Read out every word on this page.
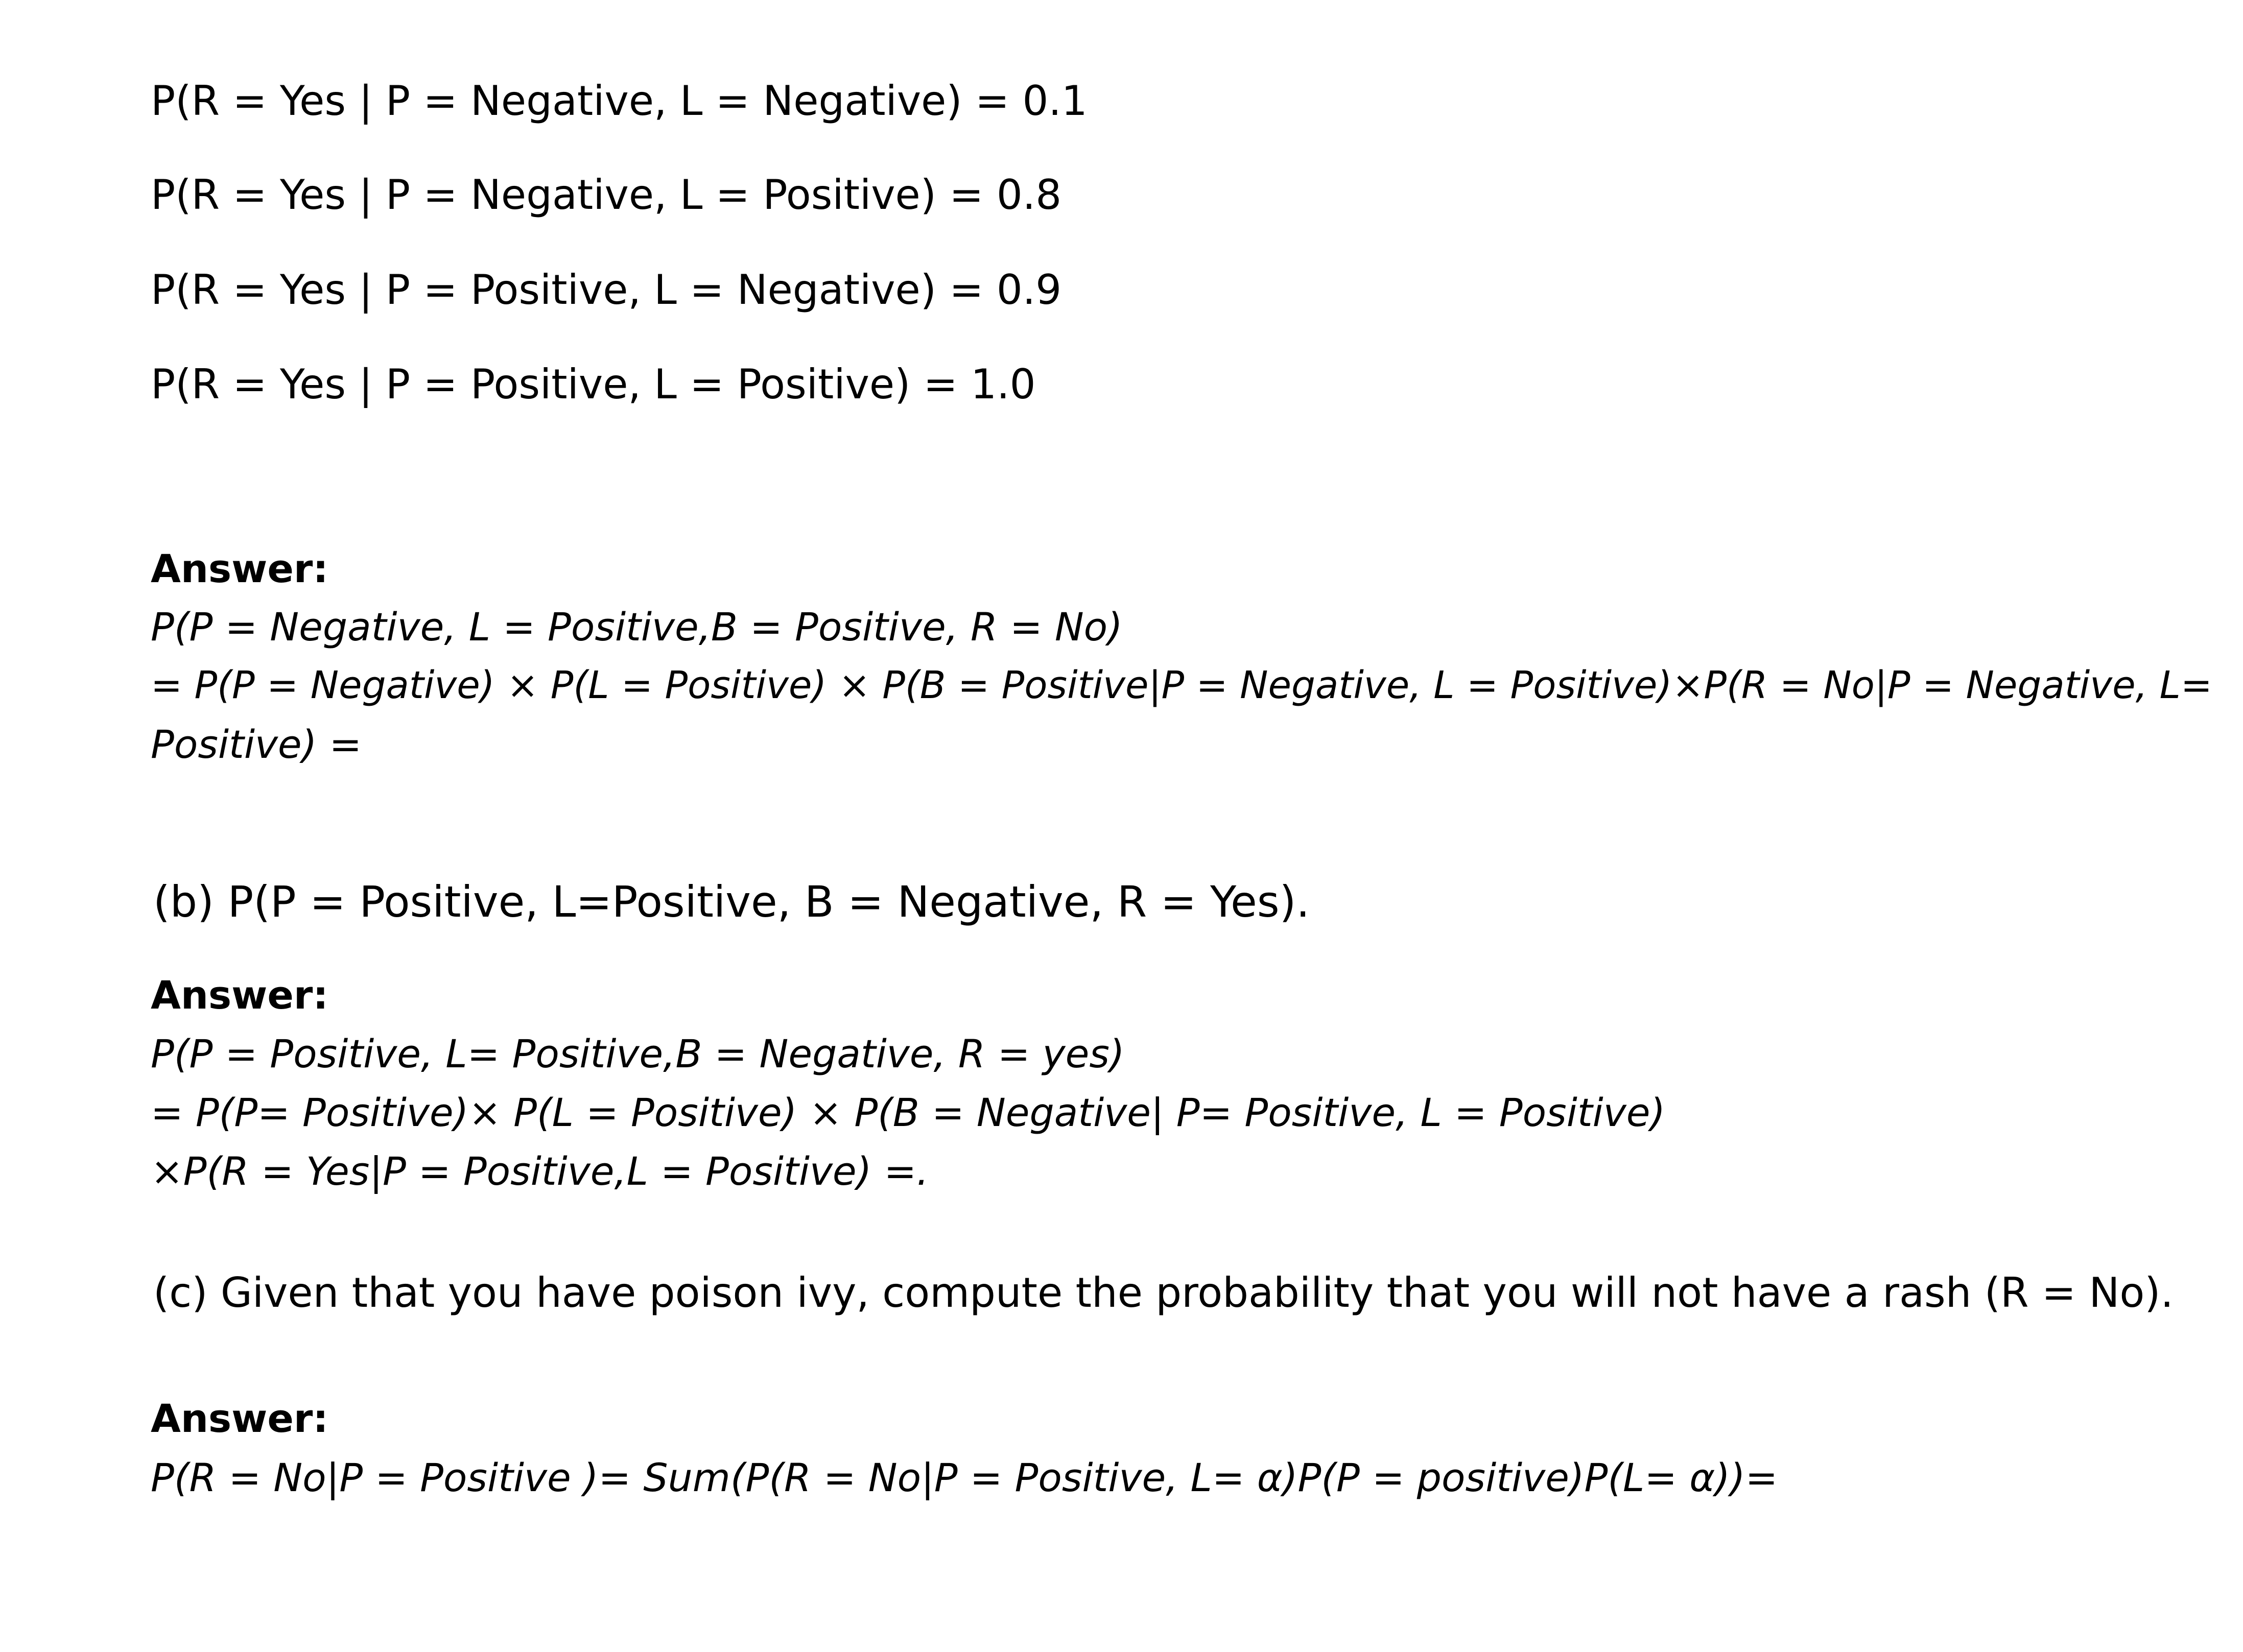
P(R = Yes | P = Negative, L = Negative) = 0.1
P(R = Yes | P = Negative, L = Positive) = 0.8
P(R = Yes | P = Positive, L = Negative) = 0.9
P(R = Yes | P = Positive, L = Positive) = 1.0
Answer:
P(P = Negative, L = Positive,B = Positive, R = No)
= P(P = Negative) × P(L = Positive) × P(B = Positive|P = Negative, L = Positive)×P(R = No|P = Negative, L=
Positive) =
(b) P(P = Positive, L=Positive, B = Negative, R = Yes).
Answer:
P(P = Positive, L= Positive,B = Negative, R = yes)
= P(P= Positive)× P(L = Positive) × P(B = Negative| P= Positive, L = Positive)
×P(R = Yes|P = Positive,L = Positive) =.
(c) Given that you have poison ivy, compute the probability that you will not have a rash (R = No).
Answer:
P(R = No|P = Positive )= Sum(P(R = No|P = Positive, L= α)P(P = positive)P(L= α))=
